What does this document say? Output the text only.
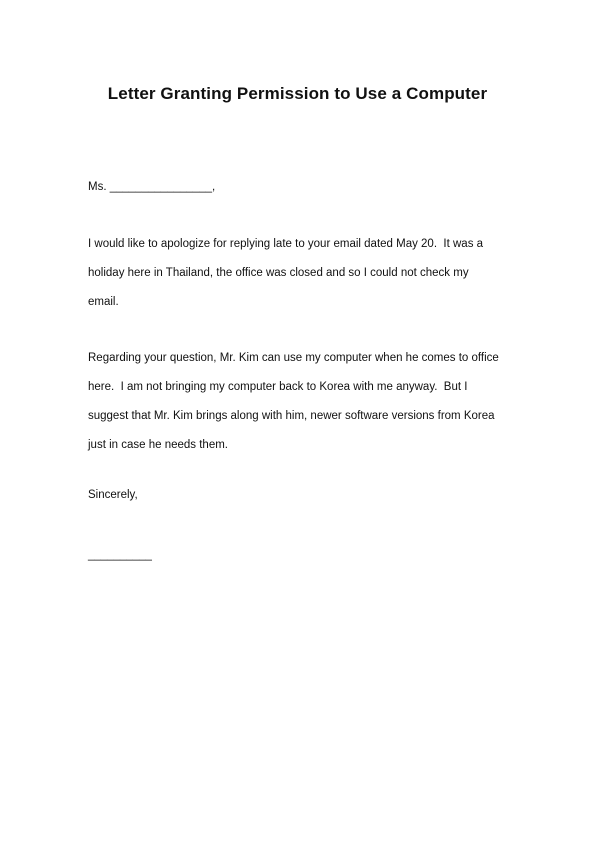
Letter Granting Permission to Use a Computer

Ms. ________________,

I would like to apologize for replying late to your email dated May 20.  It was a
holiday here in Thailand, the office was closed and so I could not check my
email.

Regarding your question, Mr. Kim can use my computer when he comes to office
here.  I am not bringing my computer back to Korea with me anyway.  But I
suggest that Mr. Kim brings along with him, newer software versions from Korea
just in case he needs them.

Sincerely,

__________
